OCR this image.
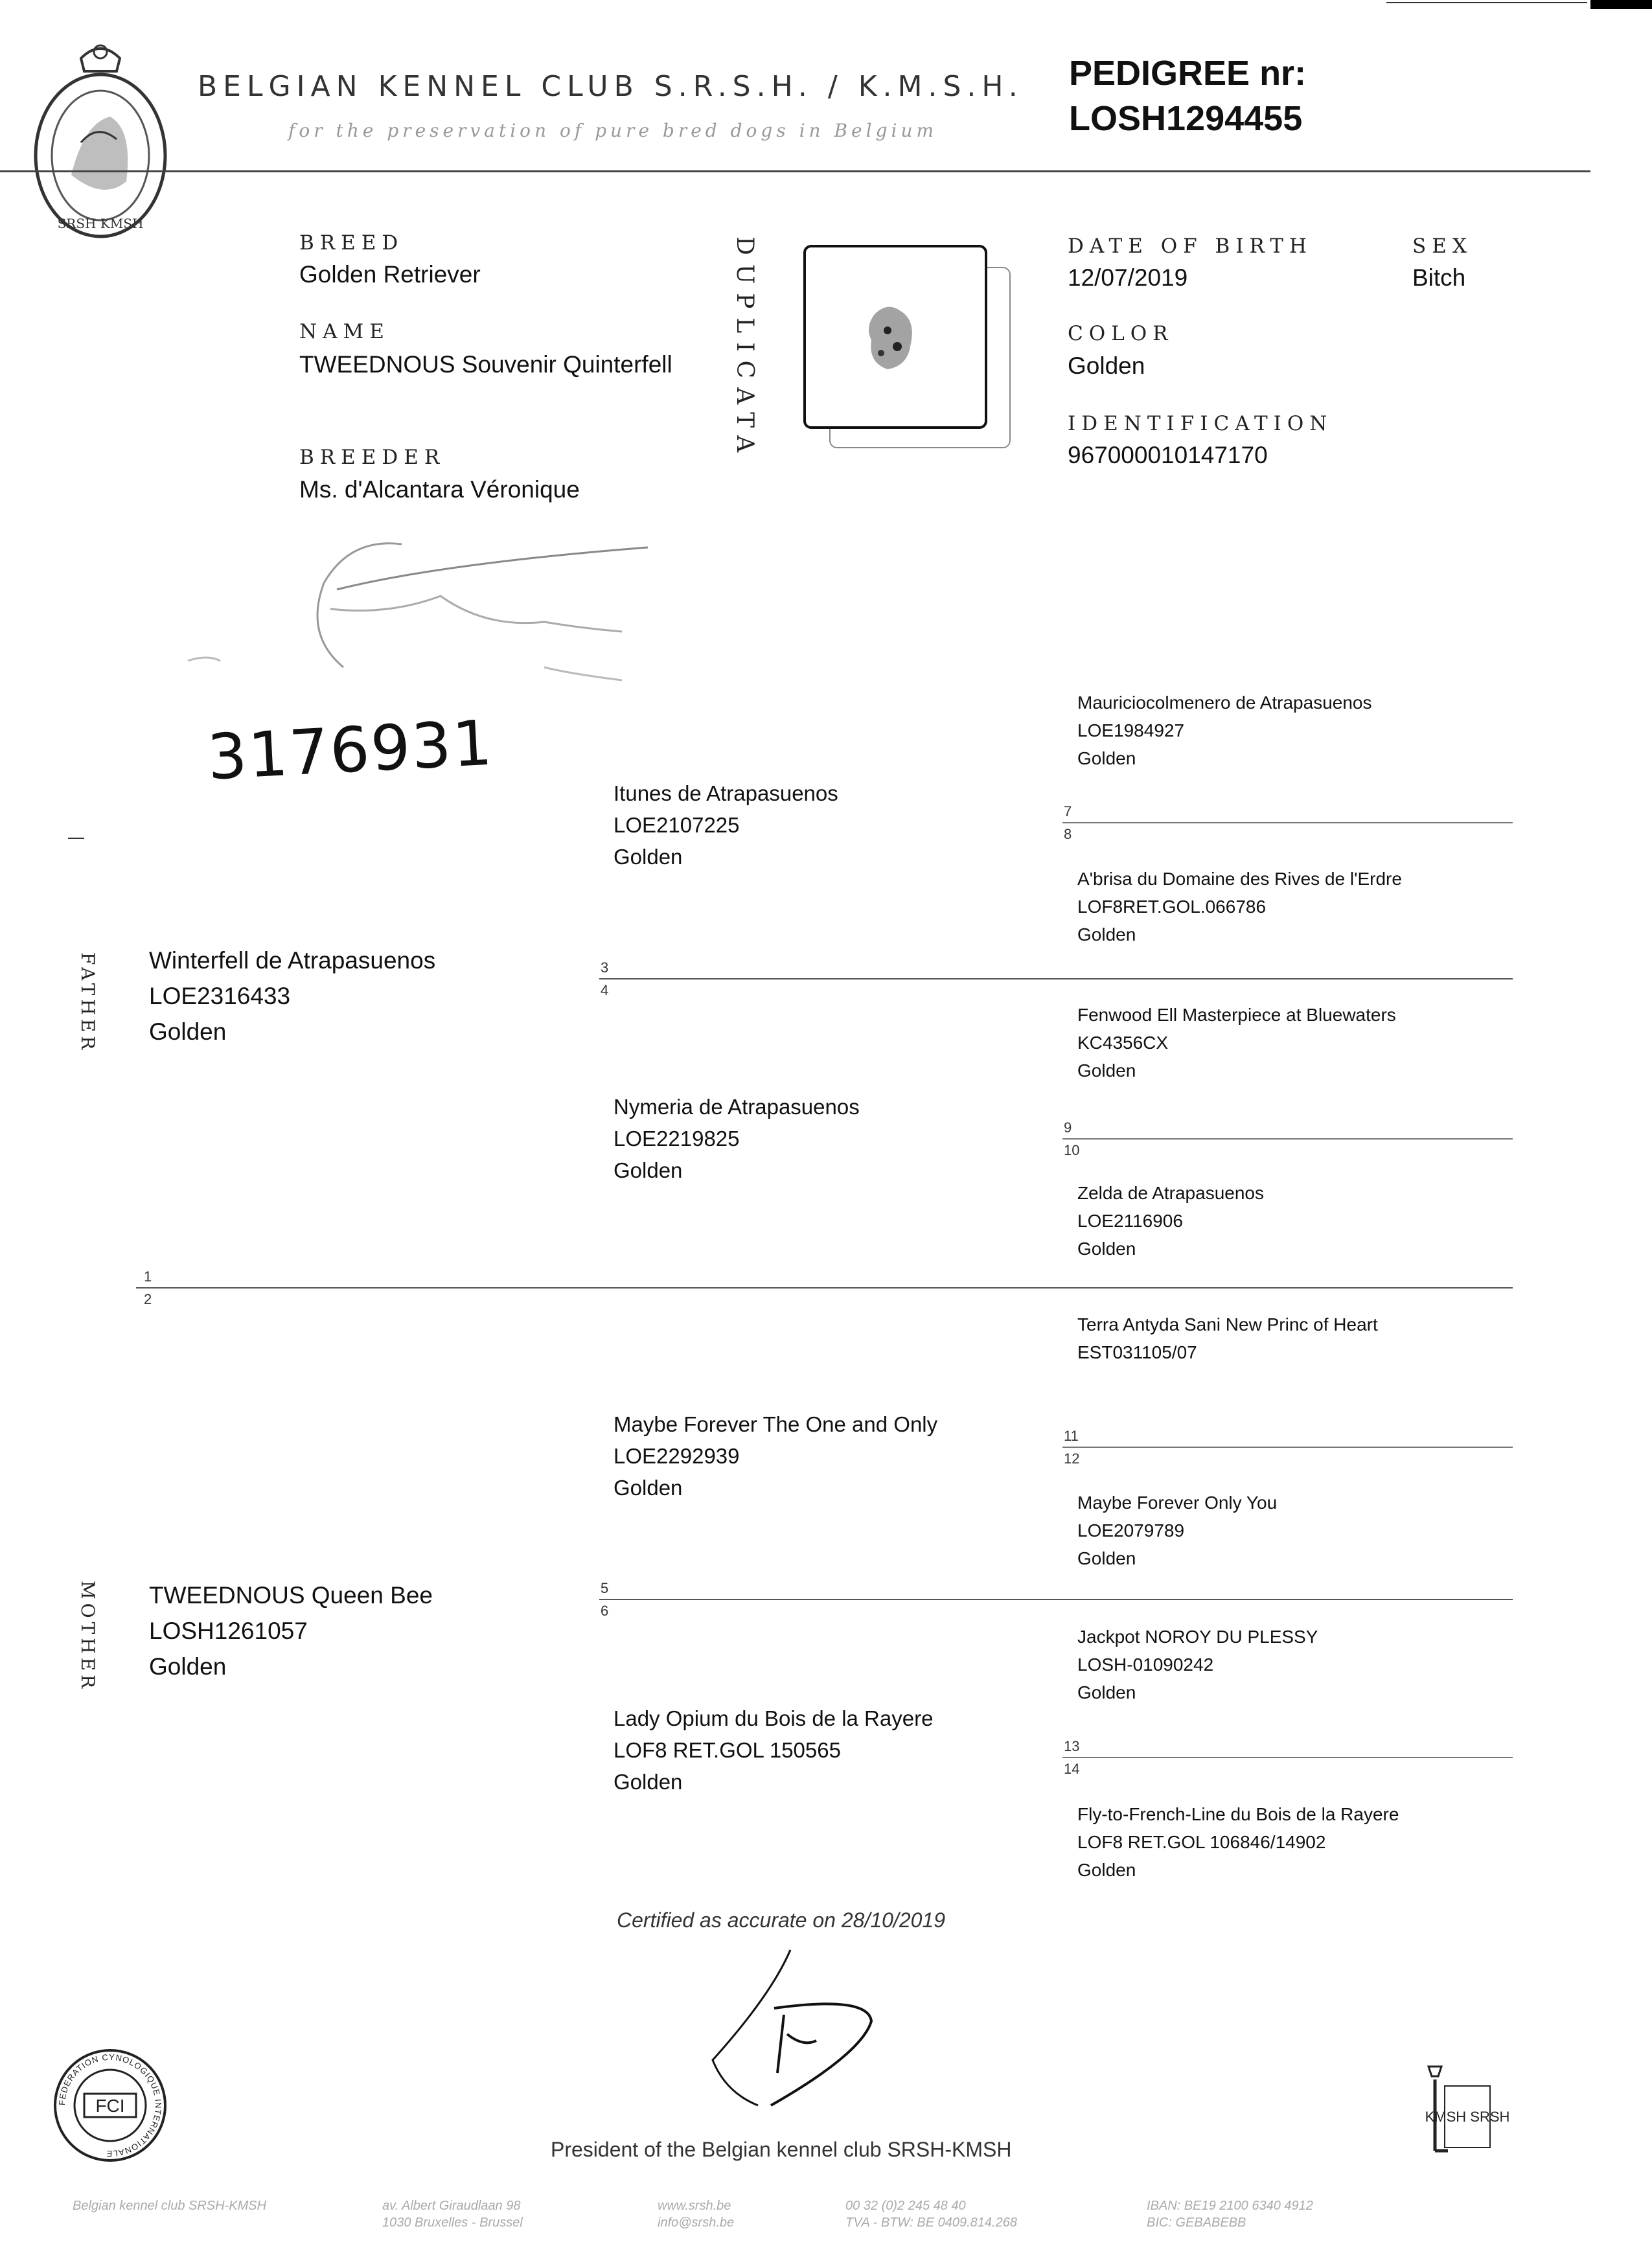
SRSH KMSH
BELGIAN KENNEL CLUB S.R.S.H. / K.M.S.H.
for the preservation of pure bred dogs in Belgium
PEDIGREE nr:
LOSH1294455
BREED
Golden Retriever
NAME
TWEEDNOUS Souvenir Quinterfell
BREEDER
Ms. d'Alcantara Véronique
DATE OF BIRTH
12/07/2019
SEX
Bitch
COLOR
Golden
IDENTIFICATION
967000010147170
DUPLICATA
3176931
FATHER
MOTHER
Winterfell de Atrapasuenos
LOE2316433
Golden
TWEEDNOUS Queen Bee
LOSH1261057
Golden
Itunes de Atrapasuenos
LOE2107225
Golden
Nymeria de Atrapasuenos
LOE2219825
Golden
Maybe Forever The One and Only
LOE2292939
Golden
Lady Opium du Bois de la Rayere
LOF8 RET.GOL 150565
Golden
Mauriciocolmenero de Atrapasuenos
LOE1984927
Golden
A'brisa du Domaine des Rives de l'Erdre
LOF8RET.GOL.066786
Golden
Fenwood Ell Masterpiece at Bluewaters
KC4356CX
Golden
Zelda de Atrapasuenos
LOE2116906
Golden
Terra Antyda Sani New Princ of Heart
EST031105/07
Maybe Forever Only You
LOE2079789
Golden
Jackpot NOROY DU PLESSY
LOSH-01090242
Golden
Fly-to-French-Line du Bois de la Rayere
LOF8 RET.GOL 106846/14902
Golden
1
2
3
4
5
6
7
8
9
10
11
12
13
14
Certified as accurate on 28/10/2019
President of the Belgian kennel club SRSH-KMSH
FEDERATION CYNOLOGIQUE INTERNATIONALE
FCI
KMSH SRSH
Belgian kennel club SRSH-KMSH	av. Albert Giraudlaan 98
1030 Bruxelles - Brussel
www.srsh.be
info@srsh.be
00 32 (0)2 245 48 40
TVA - BTW: BE 0409.814.268
IBAN: BE19 2100 6340 4912
BIC: GEBABEBB
